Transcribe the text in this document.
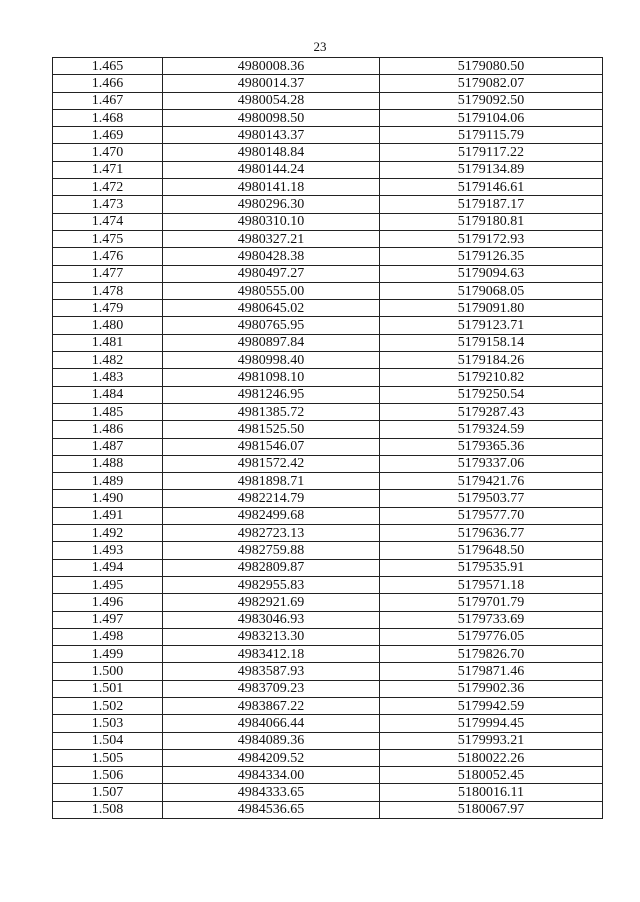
23
1.465	4980008.36	5179080.50
1.466	4980014.37	5179082.07
1.467	4980054.28	5179092.50
1.468	4980098.50	5179104.06
1.469	4980143.37	5179115.79
1.470	4980148.84	5179117.22
1.471	4980144.24	5179134.89
1.472	4980141.18	5179146.61
1.473	4980296.30	5179187.17
1.474	4980310.10	5179180.81
1.475	4980327.21	5179172.93
1.476	4980428.38	5179126.35
1.477	4980497.27	5179094.63
1.478	4980555.00	5179068.05
1.479	4980645.02	5179091.80
1.480	4980765.95	5179123.71
1.481	4980897.84	5179158.14
1.482	4980998.40	5179184.26
1.483	4981098.10	5179210.82
1.484	4981246.95	5179250.54
1.485	4981385.72	5179287.43
1.486	4981525.50	5179324.59
1.487	4981546.07	5179365.36
1.488	4981572.42	5179337.06
1.489	4981898.71	5179421.76
1.490	4982214.79	5179503.77
1.491	4982499.68	5179577.70
1.492	4982723.13	5179636.77
1.493	4982759.88	5179648.50
1.494	4982809.87	5179535.91
1.495	4982955.83	5179571.18
1.496	4982921.69	5179701.79
1.497	4983046.93	5179733.69
1.498	4983213.30	5179776.05
1.499	4983412.18	5179826.70
1.500	4983587.93	5179871.46
1.501	4983709.23	5179902.36
1.502	4983867.22	5179942.59
1.503	4984066.44	5179994.45
1.504	4984089.36	5179993.21
1.505	4984209.52	5180022.26
1.506	4984334.00	5180052.45
1.507	4984333.65	5180016.11
1.508	4984536.65	5180067.97
